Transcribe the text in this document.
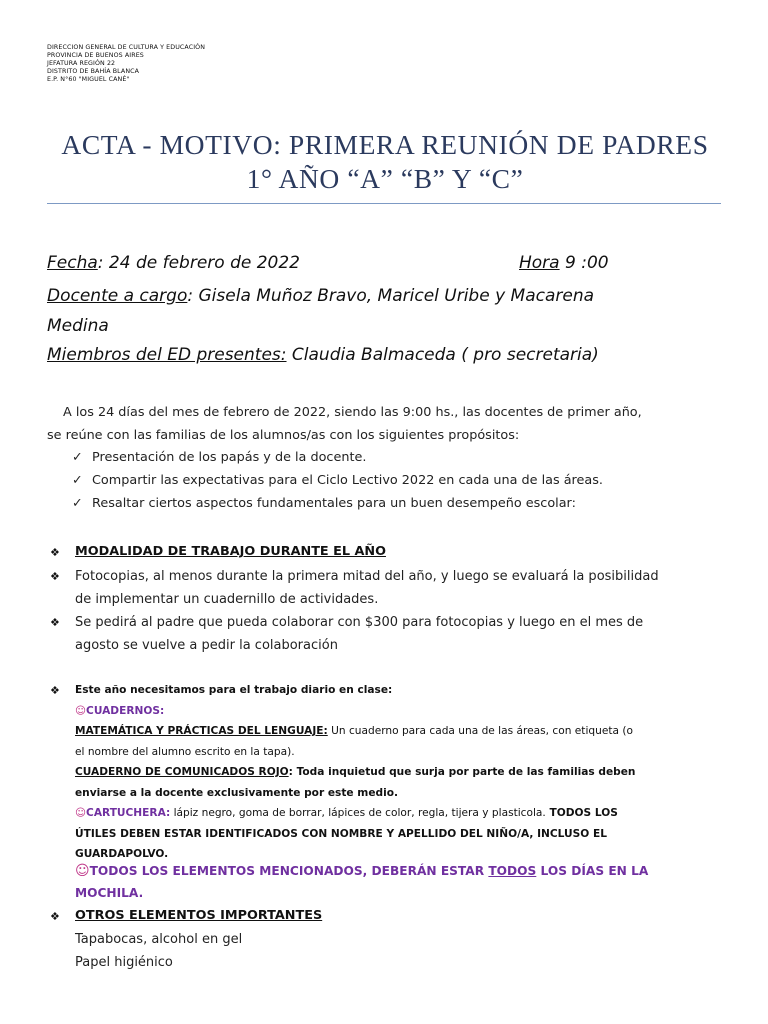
DIRECCION GENERAL DE CULTURA Y EDUCACIÓN
PROVINCIA DE BUENOS AIRES
JEFATURA REGIÓN 22
DISTRITO DE BAHÍA BLANCA
E.P. N°60 "MIGUEL CANÉ"
ACTA - MOTIVO: PRIMERA REUNIÓN DE PADRES
1° AÑO “A” “B” Y “C”
Fecha: 24 de febrero de 2022	Hora 9 :00
Docente a cargo: Gisela Muñoz Bravo, Maricel Uribe y Macarena
Medina
Miembros del ED presentes: Claudia Balmaceda ( pro secretaria)
A los 24 días del mes de febrero de 2022, siendo las 9:00 hs., las docentes de primer año,
se reúne con las familias de los alumnos/as con los siguientes propósitos:
✓ Presentación de los papás y de la docente.
✓ Compartir las expectativas para el Ciclo Lectivo 2022 en cada una de las áreas.
✓ Resaltar ciertos aspectos fundamentales para un buen desempeño escolar:
❖ MODALIDAD DE TRABAJO DURANTE EL AÑO
❖ Fotocopias, al menos durante la primera mitad del año, y luego se evaluará la posibilidad
de implementar un cuadernillo de actividades.
❖ Se pedirá al padre que pueda colaborar con $300 para fotocopias y luego en el mes de
agosto se vuelve a pedir la colaboración
❖ Este año necesitamos para el trabajo diario en clase:
☺CUADERNOS:
MATEMÁTICA Y PRÁCTICAS DEL LENGUAJE: Un cuaderno para cada una de las áreas, con etiqueta (o
el nombre del alumno escrito en la tapa).
CUADERNO DE COMUNICADOS ROJO: Toda inquietud que surja por parte de las familias deben
enviarse a la docente exclusivamente por este medio.
☺CARTUCHERA: lápiz negro, goma de borrar, lápices de color, regla, tijera y plasticola. TODOS LOS
ÚTILES DEBEN ESTAR IDENTIFICADOS CON NOMBRE Y APELLIDO DEL NIÑO/A, INCLUSO EL
GUARDAPOLVO.
☺TODOS LOS ELEMENTOS MENCIONADOS, DEBERÁN ESTAR TODOS LOS DÍAS EN LA
MOCHILA.
❖ OTROS ELEMENTOS IMPORTANTES
Tapabocas, alcohol en gel
Papel higiénico
